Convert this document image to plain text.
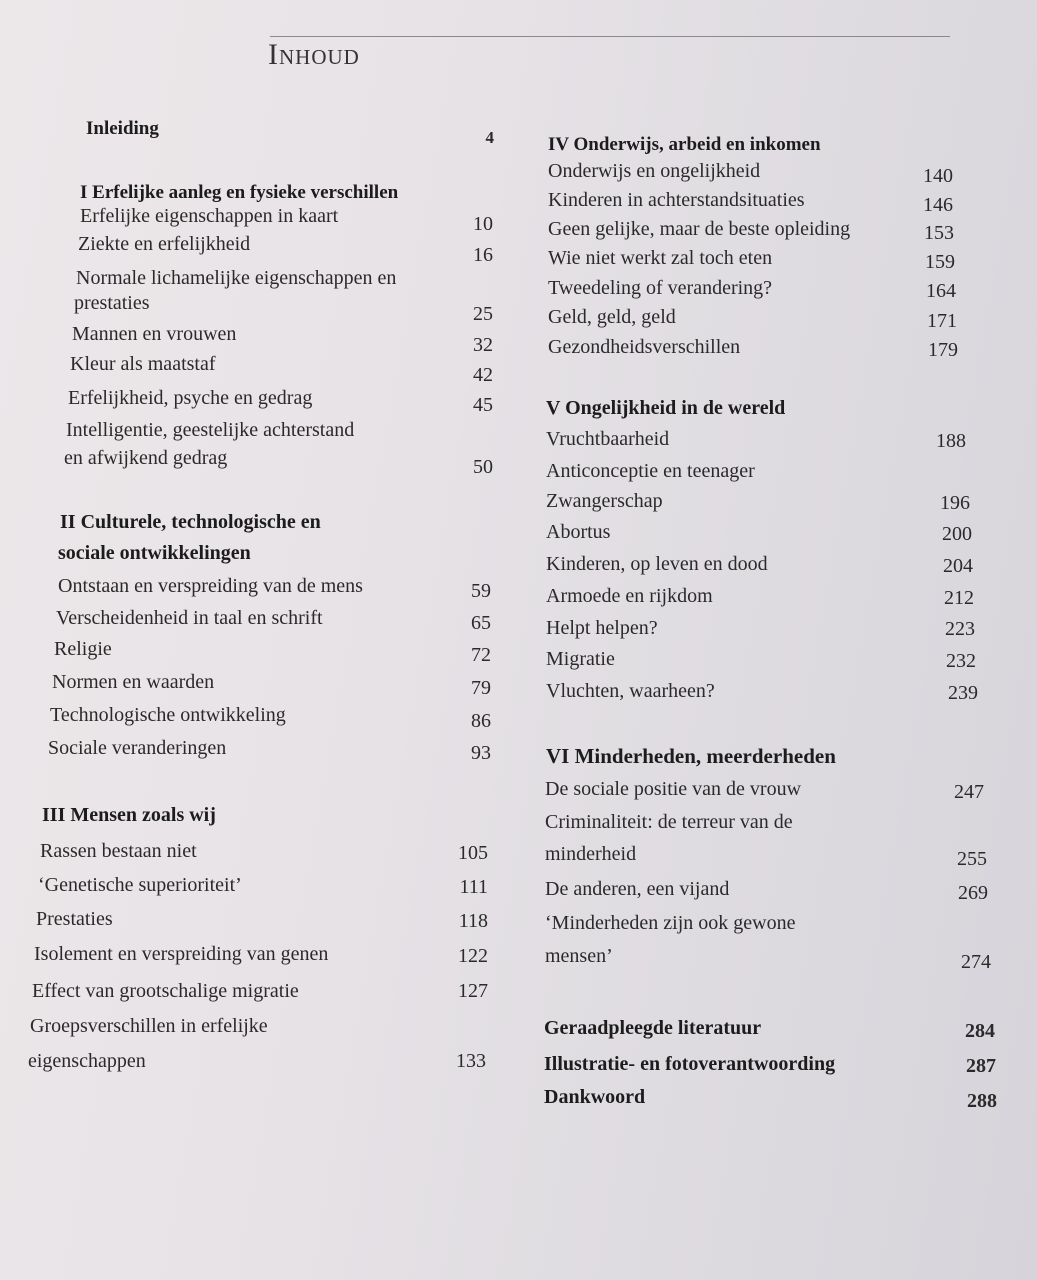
Inhoud
Inleiding	4
I Erfelijke aanleg en fysieke verschillen
Erfelijke eigenschappen in kaart	10
Ziekte en erfelijkheid	16
Normale lichamelijke eigenschappen en
prestaties	25
Mannen en vrouwen	32
Kleur als maatstaf	42
Erfelijkheid, psyche en gedrag	45
Intelligentie, geestelijke achterstand
en afwijkend gedrag	50
II Culturele, technologische en
sociale ontwikkelingen
Ontstaan en verspreiding van de mens	59
Verscheidenheid in taal en schrift	65
Religie	72
Normen en waarden	79
Technologische ontwikkeling	86
Sociale veranderingen	93
III Mensen zoals wij
Rassen bestaan niet	105
‘Genetische superioriteit’	111
Prestaties	118
Isolement en verspreiding van genen	122
Effect van grootschalige migratie	127
Groepsverschillen in erfelijke
eigenschappen	133
IV Onderwijs, arbeid en inkomen
Onderwijs en ongelijkheid	140
Kinderen in achterstandsituaties	146
Geen gelijke, maar de beste opleiding	153
Wie niet werkt zal toch eten	159
Tweedeling of verandering?	164
Geld, geld, geld	171
Gezondheidsverschillen	179
V Ongelijkheid in de wereld
Vruchtbaarheid	188
Anticonceptie en teenager
Zwangerschap	196
Abortus	200
Kinderen, op leven en dood	204
Armoede en rijkdom	212
Helpt helpen?	223
Migratie	232
Vluchten, waarheen?	239
VI Minderheden, meerderheden
De sociale positie van de vrouw	247
Criminaliteit: de terreur van de
minderheid	255
De anderen, een vijand	269
‘Minderheden zijn ook gewone
mensen’	274
Geraadpleegde literatuur	284
Illustratie- en fotoverantwoording	287
Dankwoord	288
